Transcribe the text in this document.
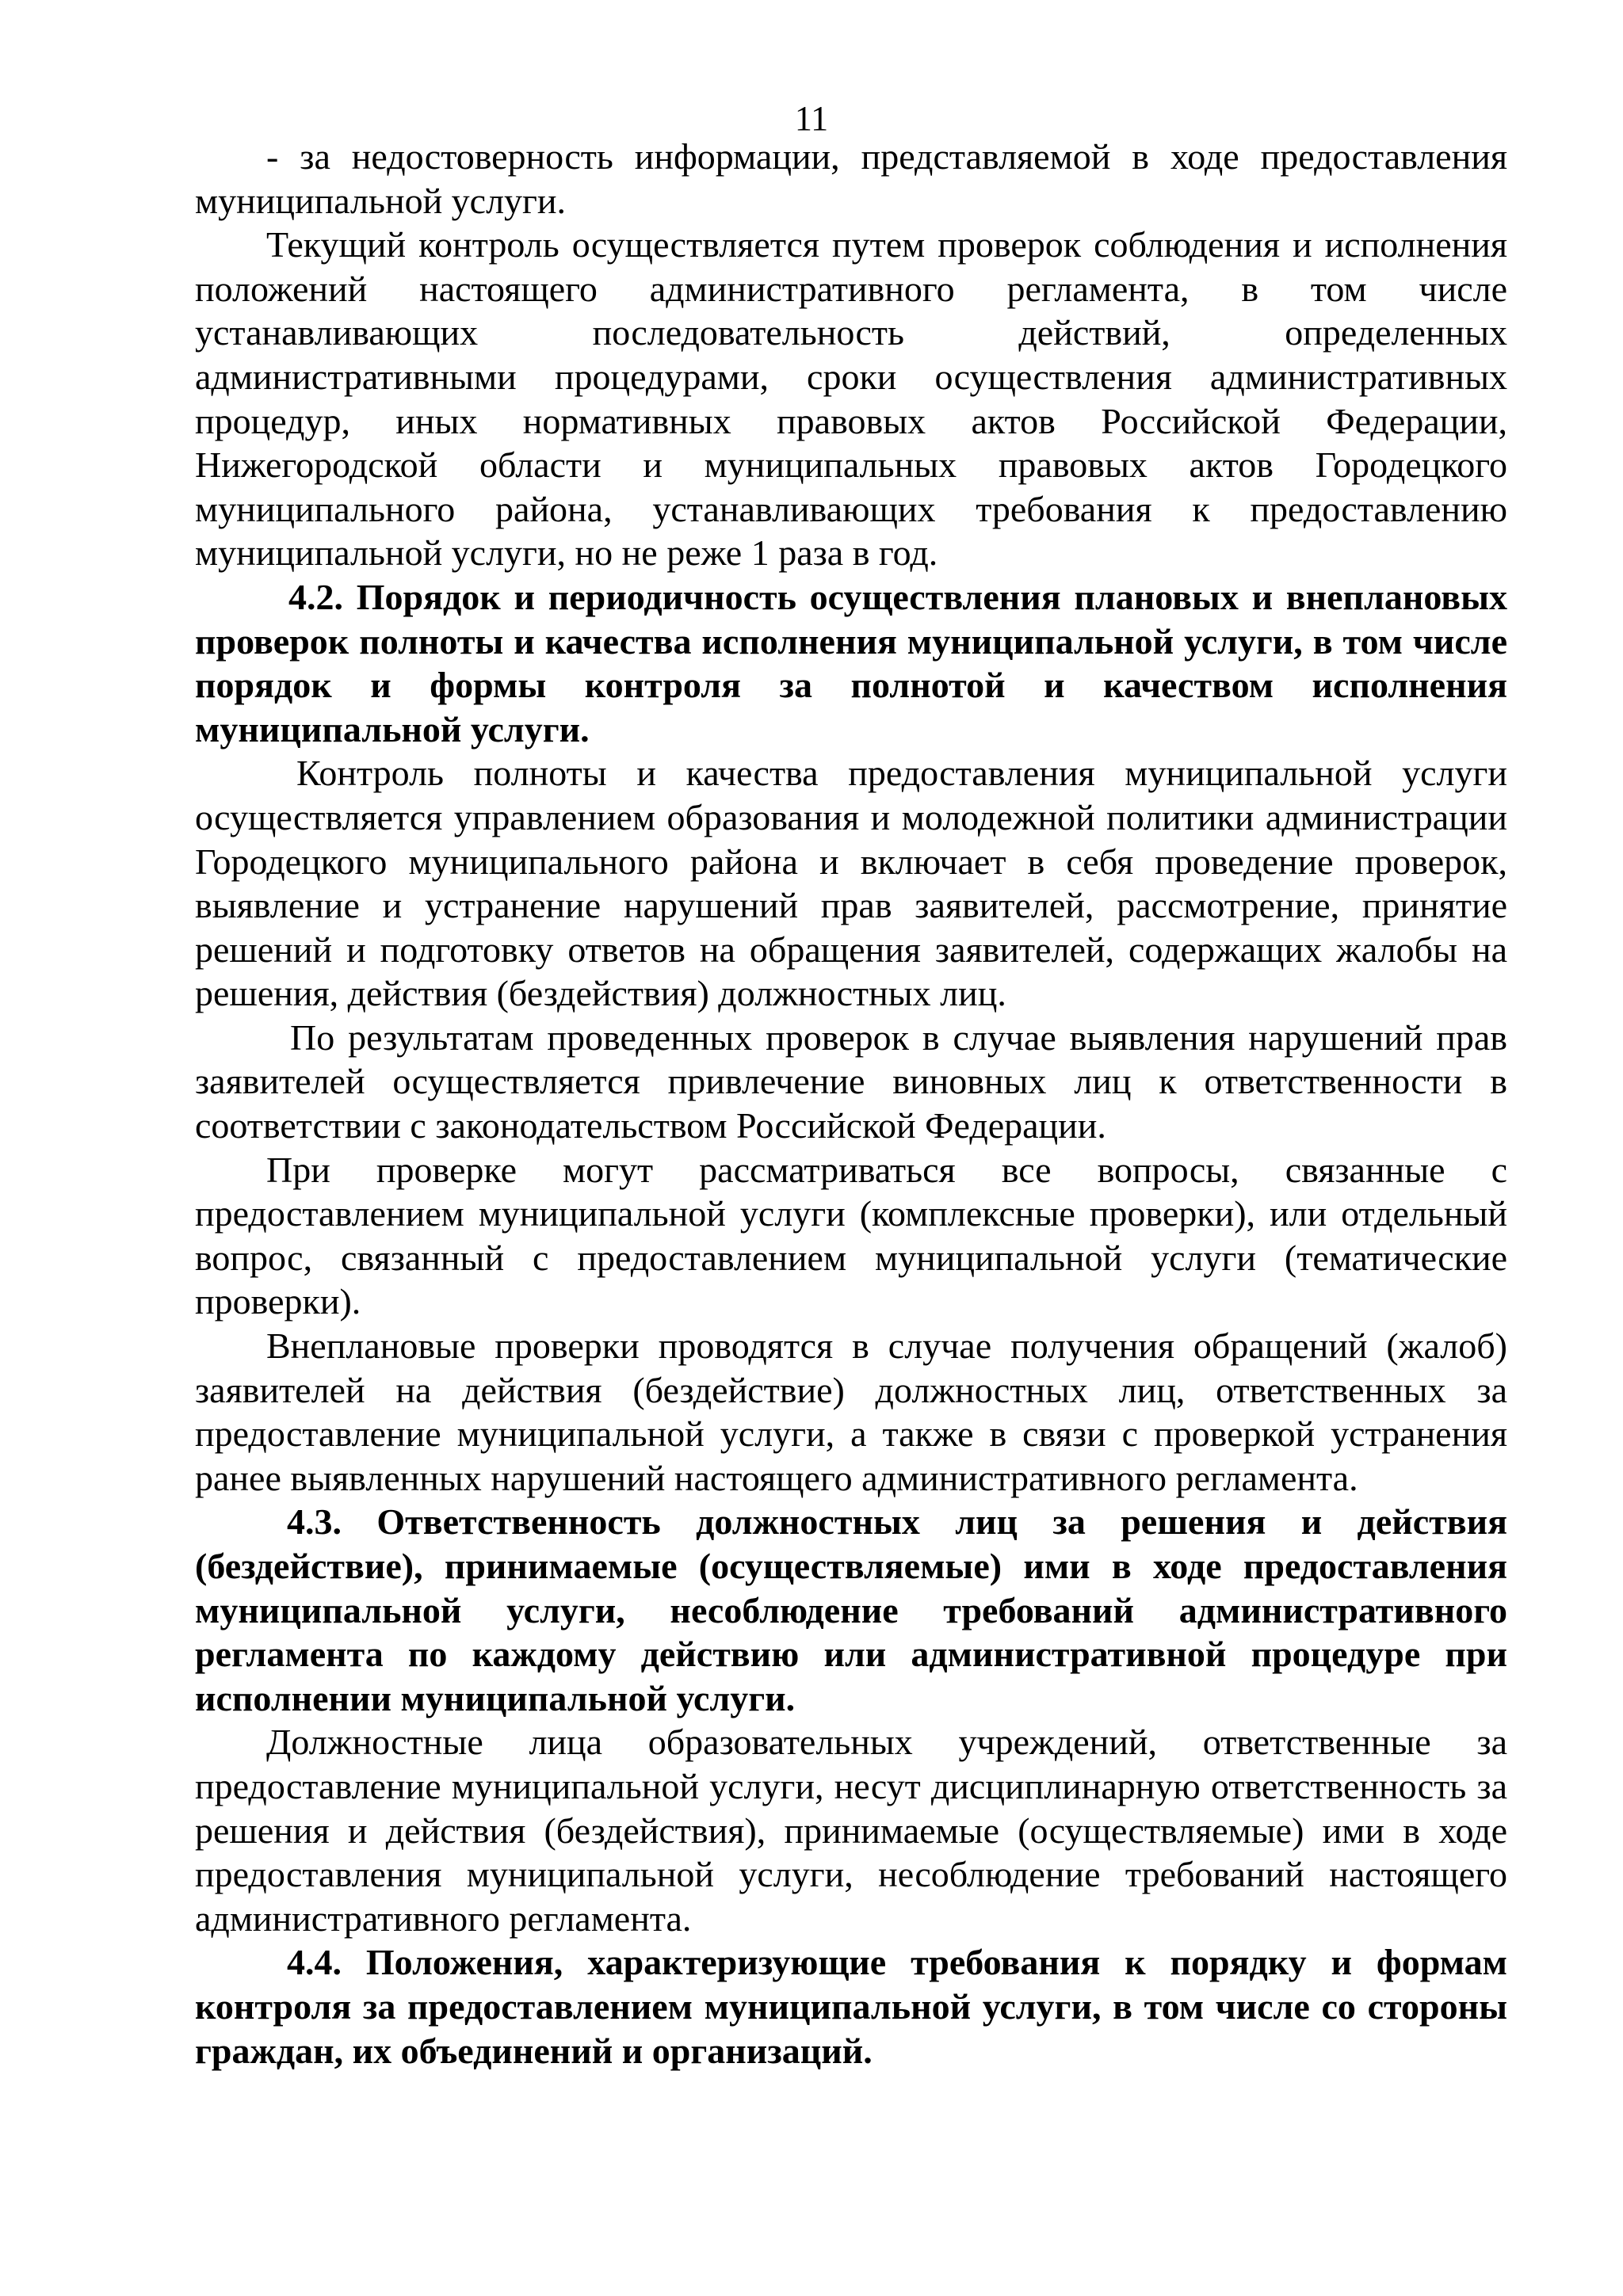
11

- за недостоверность информации, представляемой в ходе предоставления муниципальной услуги.

Текущий контроль осуществляется путем проверок соблюдения и исполнения положений настоящего административного регламента, в том числе устанавливающих последовательность действий, определенных административными процедурами, сроки осуществления административных процедур, иных нормативных правовых актов Российской Федерации, Нижегородской области и муниципальных правовых актов Городецкого муниципального района, устанавливающих требования к предоставлению муниципальной услуги, но не реже 1 раза в год.

4.2. Порядок и периодичность осуществления плановых и внеплановых проверок полноты и качества исполнения муниципальной услуги, в том числе порядок и формы контроля за полнотой и качеством исполнения муниципальной услуги.

Контроль полноты и качества предоставления муниципальной услуги осуществляется управлением образования и молодежной политики администрации Городецкого муниципального района и включает в себя проведение проверок, выявление и устранение нарушений прав заявителей, рассмотрение, принятие решений и подготовку ответов на обращения заявителей, содержащих жалобы на решения, действия (бездействия) должностных лиц.

По результатам проведенных проверок в случае выявления нарушений прав заявителей осуществляется привлечение виновных лиц к ответственности в соответствии с законодательством Российской Федерации.

При проверке могут рассматриваться все вопросы, связанные с предоставлением муниципальной услуги (комплексные проверки), или отдельный вопрос, связанный с предоставлением муниципальной услуги (тематические проверки).

Внеплановые проверки проводятся в случае получения обращений (жалоб) заявителей на действия (бездействие) должностных лиц, ответственных за предоставление муниципальной услуги, а также в связи с проверкой устранения ранее выявленных нарушений настоящего административного регламента.

4.3. Ответственность должностных лиц за решения и действия (бездействие), принимаемые (осуществляемые) ими в ходе предоставления муниципальной услуги, несоблюдение требований административного регламента по каждому действию или административной процедуре при исполнении муниципальной услуги.

Должностные лица образовательных учреждений, ответственные за предоставление муниципальной услуги, несут дисциплинарную ответственность за решения и действия (бездействия), принимаемые (осуществляемые) ими в ходе предоставления муниципальной услуги, несоблюдение требований настоящего административного регламента.

4.4. Положения, характеризующие требования к порядку и формам контроля за предоставлением муниципальной услуги, в том числе со стороны граждан, их объединений и организаций.
